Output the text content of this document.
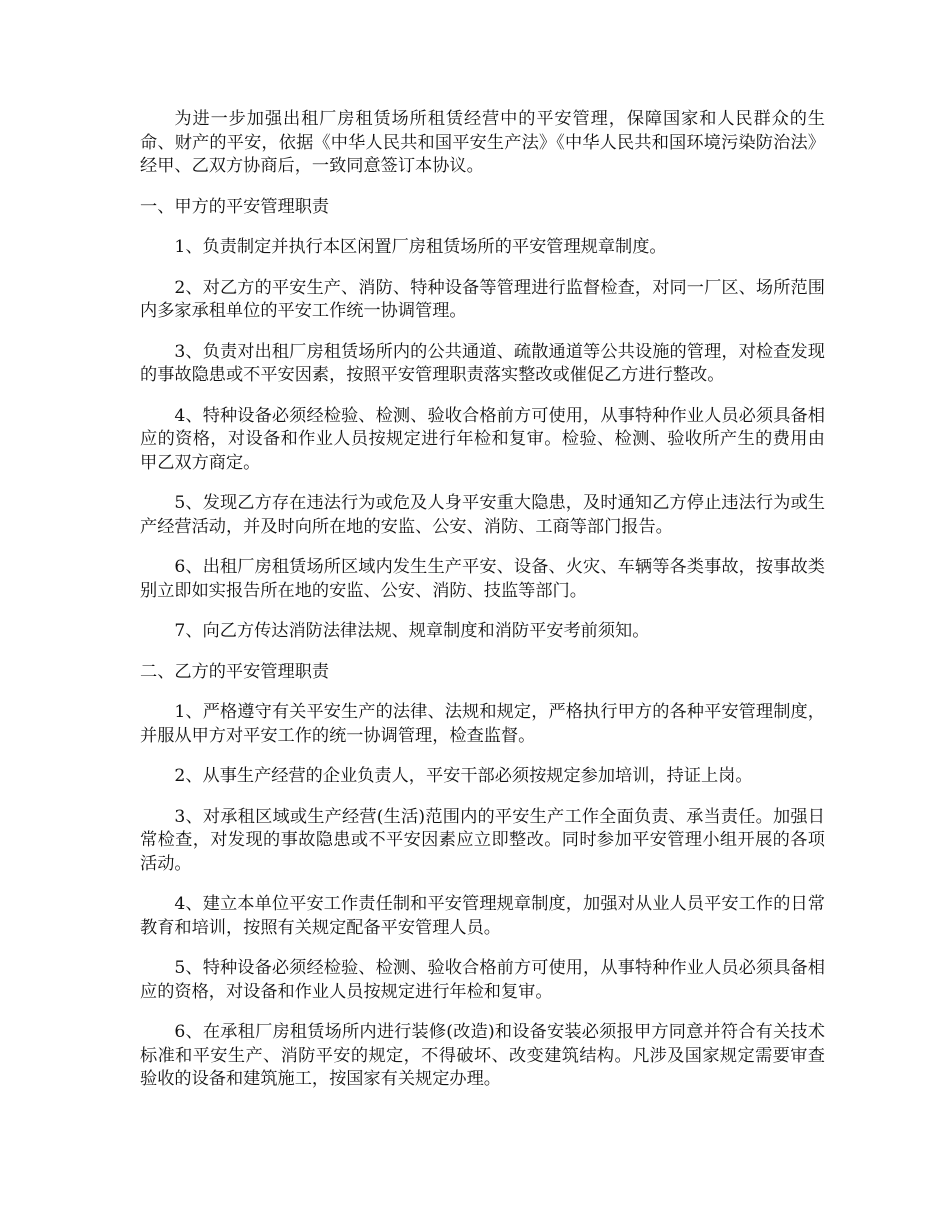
为进一步加强出租厂房租赁场所租赁经营中的平安管理，保障国家和人民群众的生命、财产的平安，依据《中华人民共和国平安生产法》《中华人民共和国环境污染防治法》经甲、乙双方协商后，一致同意签订本协议。

一、甲方的平安管理职责

1、负责制定并执行本区闲置厂房租赁场所的平安管理规章制度。

2、对乙方的平安生产、消防、特种设备等管理进行监督检查，对同一厂区、场所范围内多家承租单位的平安工作统一协调管理。

3、负责对出租厂房租赁场所内的公共通道、疏散通道等公共设施的管理，对检查发现的事故隐患或不平安因素，按照平安管理职责落实整改或催促乙方进行整改。

4、特种设备必须经检验、检测、验收合格前方可使用，从事特种作业人员必须具备相应的资格，对设备和作业人员按规定进行年检和复审。检验、检测、验收所产生的费用由甲乙双方商定。

5、发现乙方存在违法行为或危及人身平安重大隐患，及时通知乙方停止违法行为或生产经营活动，并及时向所在地的安监、公安、消防、工商等部门报告。

6、出租厂房租赁场所区域内发生生产平安、设备、火灾、车辆等各类事故，按事故类别立即如实报告所在地的安监、公安、消防、技监等部门。

7、向乙方传达消防法律法规、规章制度和消防平安考前须知。

二、乙方的平安管理职责

1、严格遵守有关平安生产的法律、法规和规定，严格执行甲方的各种平安管理制度，并服从甲方对平安工作的统一协调管理，检查监督。

2、从事生产经营的企业负责人，平安干部必须按规定参加培训，持证上岗。

3、对承租区域或生产经营(生活)范围内的平安生产工作全面负责、承当责任。加强日常检查，对发现的事故隐患或不平安因素应立即整改。同时参加平安管理小组开展的各项活动。

4、建立本单位平安工作责任制和平安管理规章制度，加强对从业人员平安工作的日常教育和培训，按照有关规定配备平安管理人员。

5、特种设备必须经检验、检测、验收合格前方可使用，从事特种作业人员必须具备相应的资格，对设备和作业人员按规定进行年检和复审。

6、在承租厂房租赁场所内进行装修(改造)和设备安装必须报甲方同意并符合有关技术标准和平安生产、消防平安的规定，不得破坏、改变建筑结构。凡涉及国家规定需要审查验收的设备和建筑施工，按国家有关规定办理。
